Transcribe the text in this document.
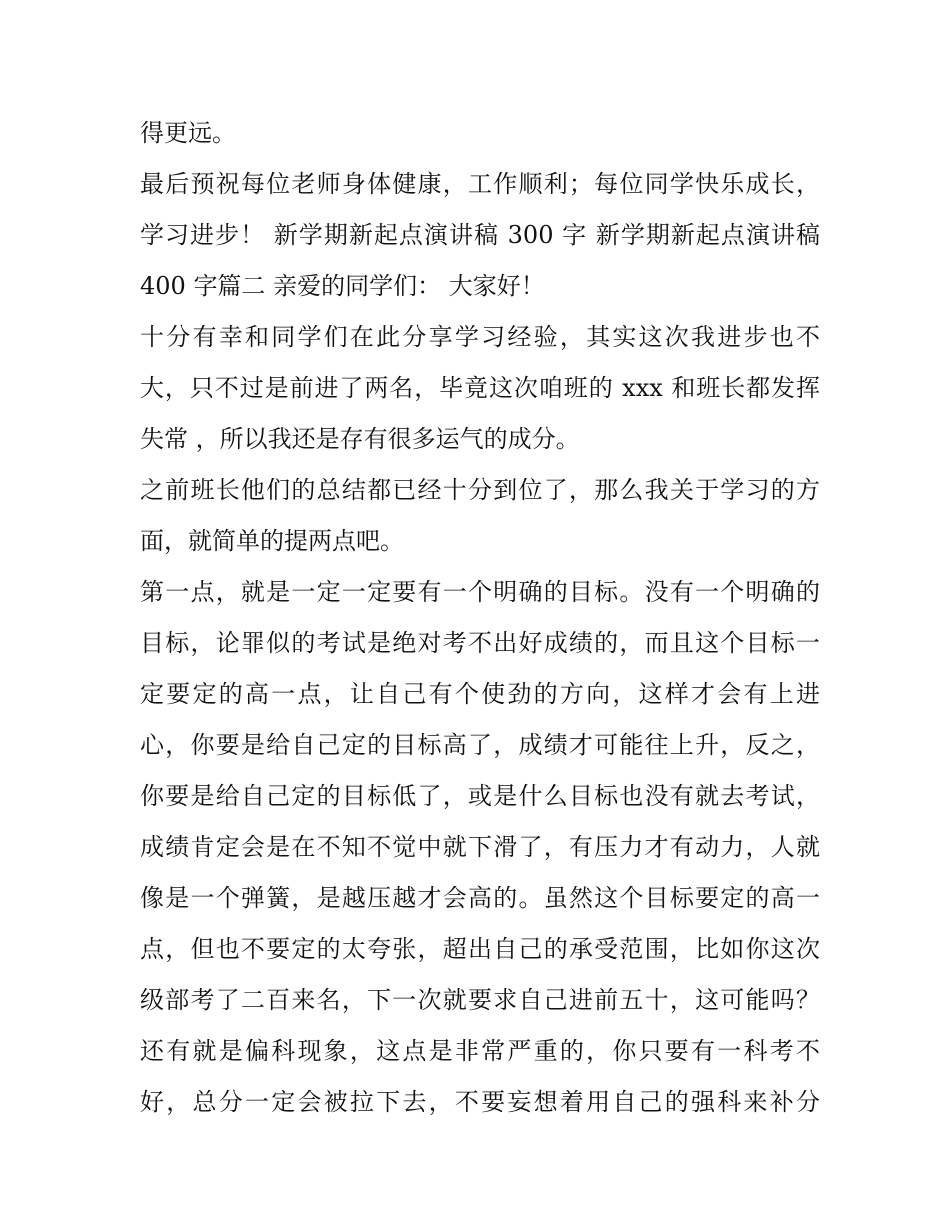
得更远。

最后预祝每位老师身体健康，工作顺利；每位同学快乐成长，

学习进步！ 新学期新起点演讲稿 300 字 新学期新起点演讲稿

400 字篇二 亲爱的同学们： 大家好！

十分有幸和同学们在此分享学习经验，其实这次我进步也不

大，只不过是前进了两名，毕竟这次咱班的 xxx 和班长都发挥

失常 ，所以我还是存有很多运气的成分。

之前班长他们的总结都已经十分到位了，那么我关于学习的方

面，就简单的提两点吧。

第一点，就是一定一定要有一个明确的目标。没有一个明确的

目标，论罪似的考试是绝对考不出好成绩的，而且这个目标一

定要定的高一点，让自己有个使劲的方向，这样才会有上进

心，你要是给自己定的目标高了，成绩才可能往上升，反之，

你要是给自己定的目标低了，或是什么目标也没有就去考试，

成绩肯定会是在不知不觉中就下滑了，有压力才有动力，人就

像是一个弹簧，是越压越才会高的。虽然这个目标要定的高一

点，但也不要定的太夸张，超出自己的承受范围，比如你这次

级部考了二百来名，下一次就要求自己进前五十，这可能吗？

还有就是偏科现象，这点是非常严重的，你只要有一科考不

好，总分一定会被拉下去，不要妄想着用自己的强科来补分
